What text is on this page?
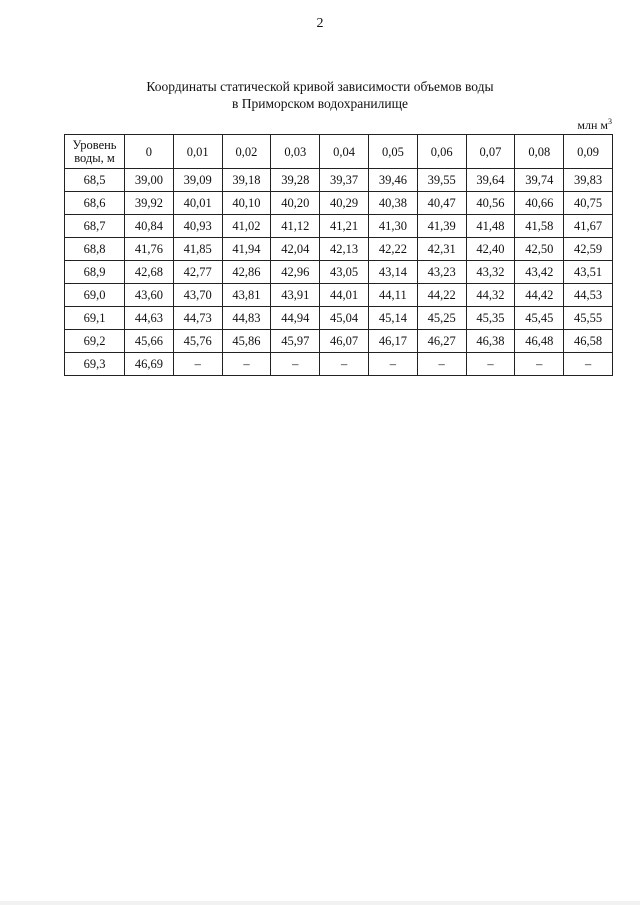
2
Координаты статической кривой зависимости объемов воды
в Приморском водохранилище
млн $м^3$
Уровень
воды, м	0	0,01	0,02	0,03	0,04	0,05	0,06	0,07	0,08	0,09
68,5	39,00	39,09	39,18	39,28	39,37	39,46	39,55	39,64	39,74	39,83
68,6	39,92	40,01	40,10	40,20	40,29	40,38	40,47	40,56	40,66	40,75
68,7	40,84	40,93	41,02	41,12	41,21	41,30	41,39	41,48	41,58	41,67
68,8	41,76	41,85	41,94	42,04	42,13	42,22	42,31	42,40	42,50	42,59
68,9	42,68	42,77	42,86	42,96	43,05	43,14	43,23	43,32	43,42	43,51
69,0	43,60	43,70	43,81	43,91	44,01	44,11	44,22	44,32	44,42	44,53
69,1	44,63	44,73	44,83	44,94	45,04	45,14	45,25	45,35	45,45	45,55
69,2	45,66	45,76	45,86	45,97	46,07	46,17	46,27	46,38	46,48	46,58
69,3	46,69	–	–	–	–	–	–	–	–	–
